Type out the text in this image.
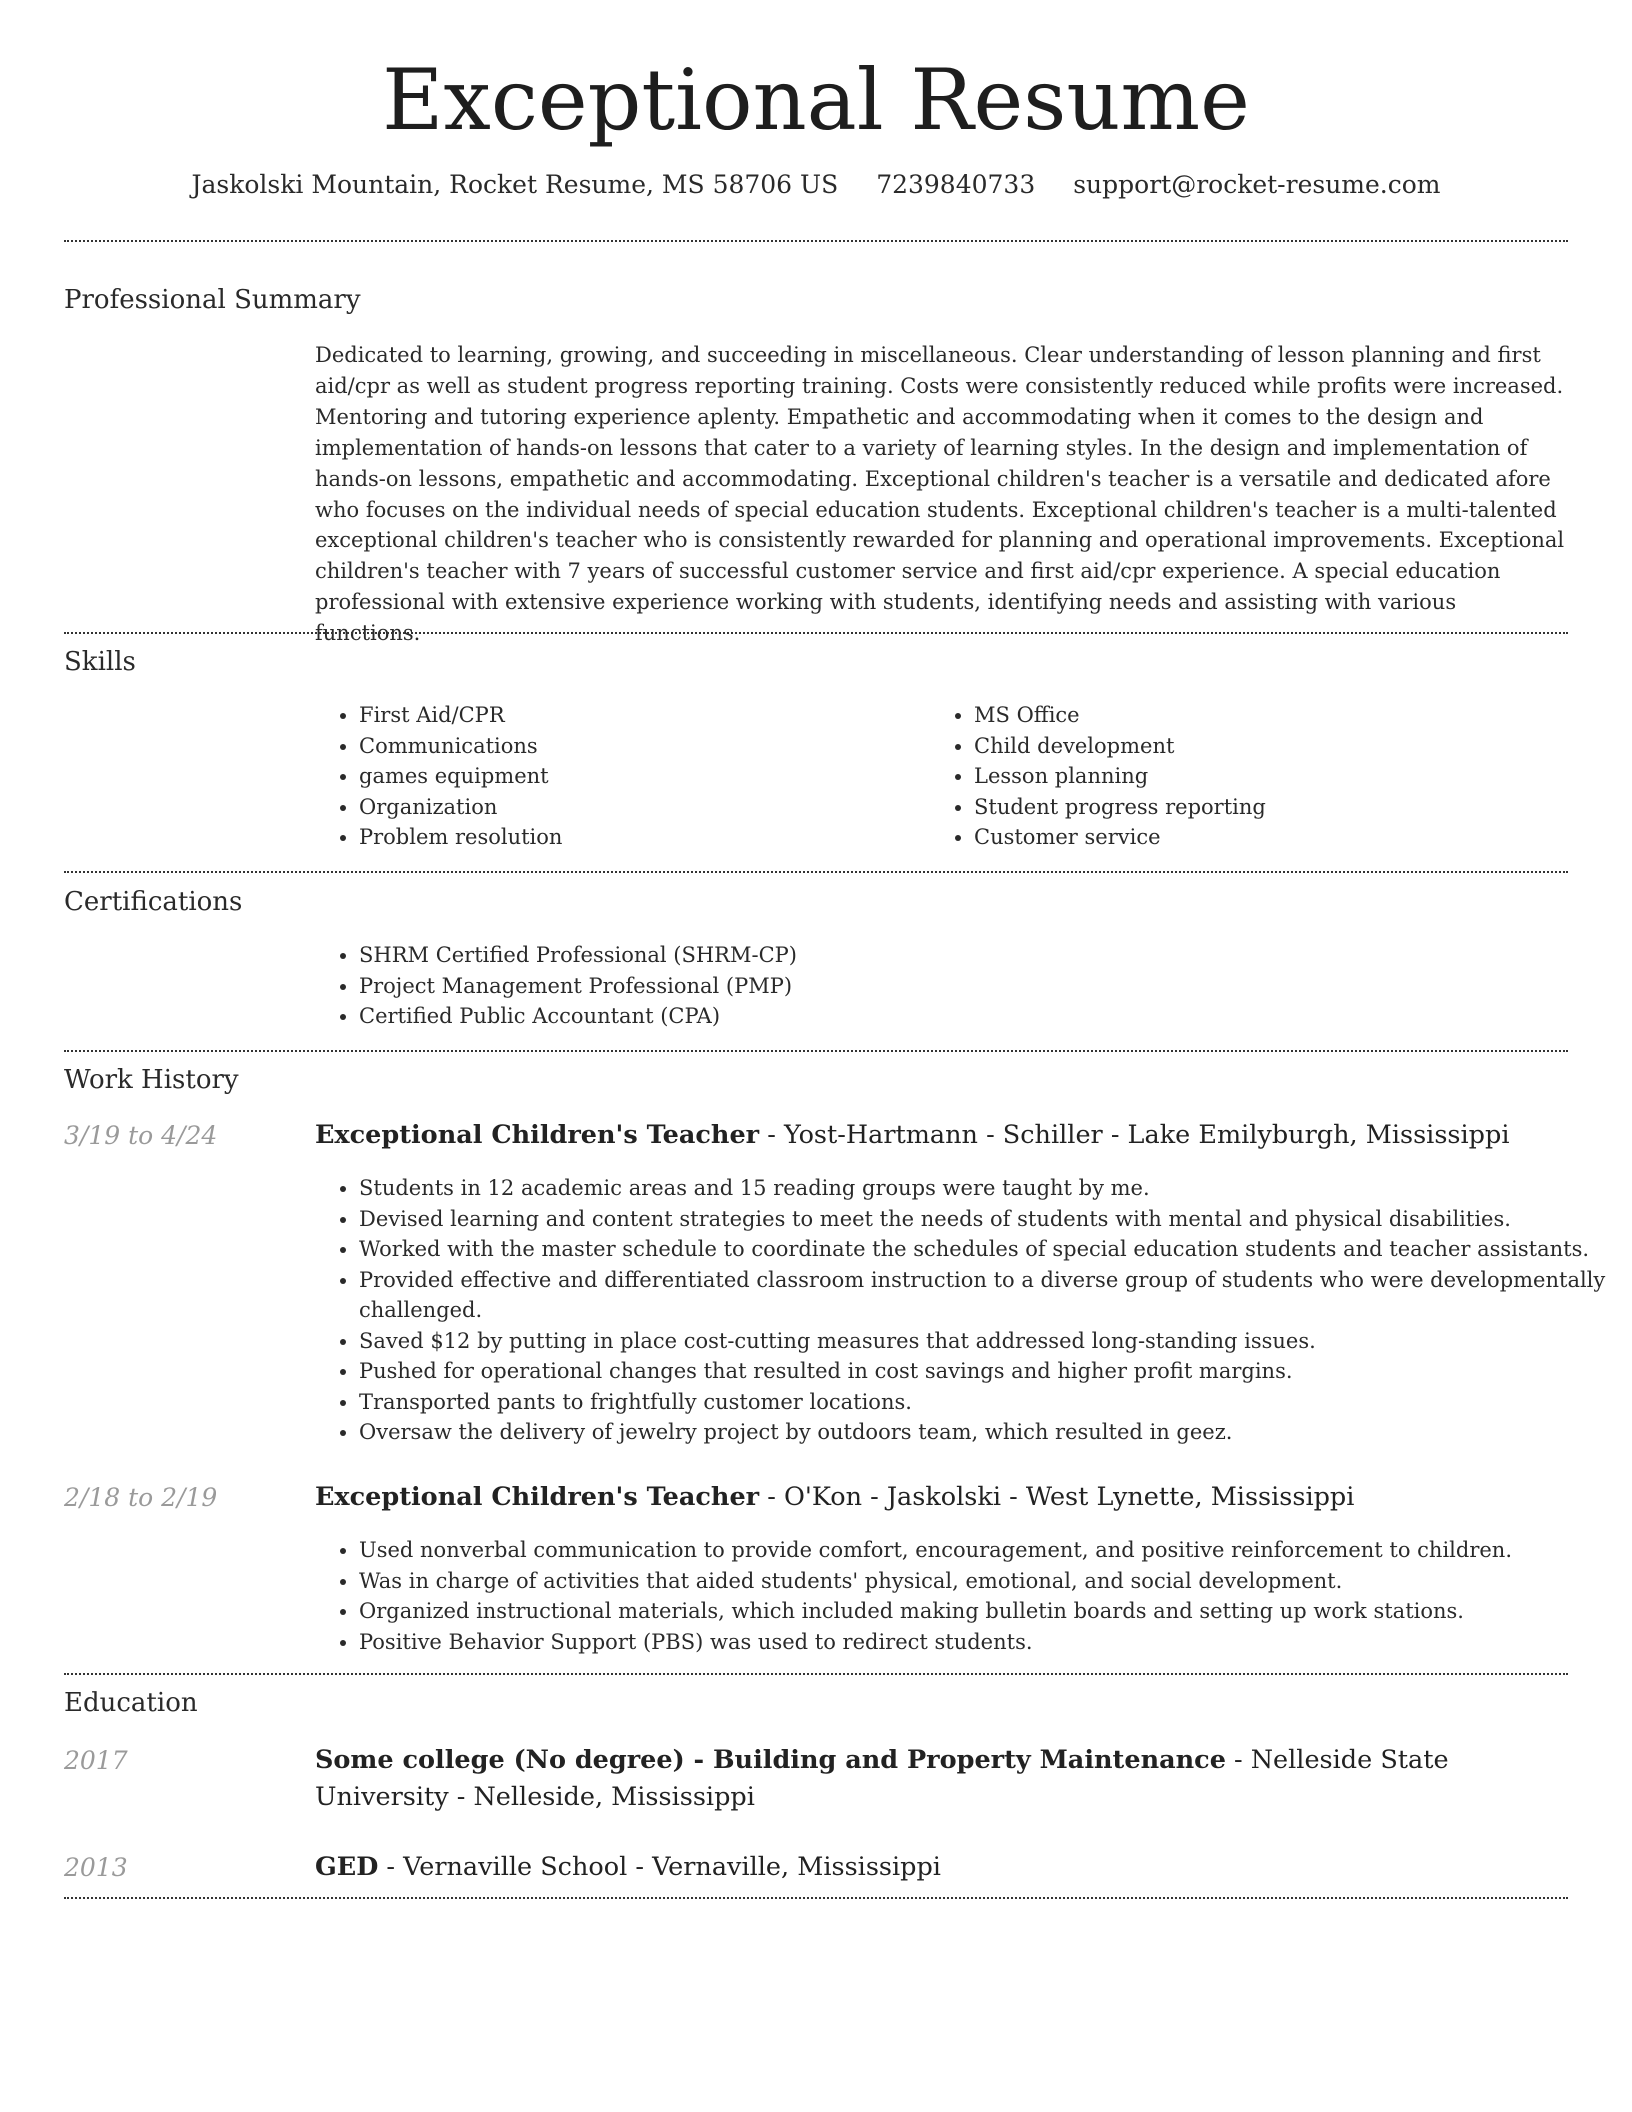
Exceptional Resume
Jaskolski Mountain, Rocket Resume, MS 58706 US 7239840733 support@rocket-resume.com
Professional Summary

Dedicated to learning, growing, and succeeding in miscellaneous. Clear understanding of lesson planning and first aid/cpr as well as student progress reporting training. Costs were consistently reduced while profits were increased. Mentoring and tutoring experience aplenty. Empathetic and accommodating when it comes to the design and implementation of hands-on lessons that cater to a variety of learning styles. In the design and implementation of hands-on lessons, empathetic and accommodating. Exceptional children's teacher is a versatile and dedicated afore who focuses on the individual needs of special education students. Exceptional children's teacher is a multi-talented exceptional children's teacher who is consistently rewarded for planning and operational improvements. Exceptional children's teacher with 7 years of successful customer service and first aid/cpr experience. A special education professional with extensive experience working with students, identifying needs and assisting with various functions.

Skills
• First Aid/CPR
• Communications
• games equipment
• Organization
• Problem resolution
• MS Office
• Child development
• Lesson planning
• Student progress reporting
• Customer service
Certifications
• SHRM Certified Professional (SHRM-CP)
• Project Management Professional (PMP)
• Certified Public Accountant (CPA)
Work History
3/19 to 4/24	Exceptional Children's Teacher - Yost-Hartmann - Schiller - Lake Emilyburgh, Mississippi
• Students in 12 academic areas and 15 reading groups were taught by me.
• Devised learning and content strategies to meet the needs of students with mental and physical disabilities.
• Worked with the master schedule to coordinate the schedules of special education students and teacher assistants.
• Provided effective and differentiated classroom instruction to a diverse group of students who were developmentally challenged.
• Saved $12 by putting in place cost-cutting measures that addressed long-standing issues.
• Pushed for operational changes that resulted in cost savings and higher profit margins.
• Transported pants to frightfully customer locations.
• Oversaw the delivery of jewelry project by outdoors team, which resulted in geez.
2/18 to 2/19	Exceptional Children's Teacher - O'Kon - Jaskolski - West Lynette, Mississippi
• Used nonverbal communication to provide comfort, encouragement, and positive reinforcement to children.
• Was in charge of activities that aided students' physical, emotional, and social development.
• Organized instructional materials, which included making bulletin boards and setting up work stations.
• Positive Behavior Support (PBS) was used to redirect students.
Education
2017	Some college (No degree) - Building and Property Maintenance - Nelleside State University - Nelleside, Mississippi
2013	GED - Vernaville School - Vernaville, Mississippi
